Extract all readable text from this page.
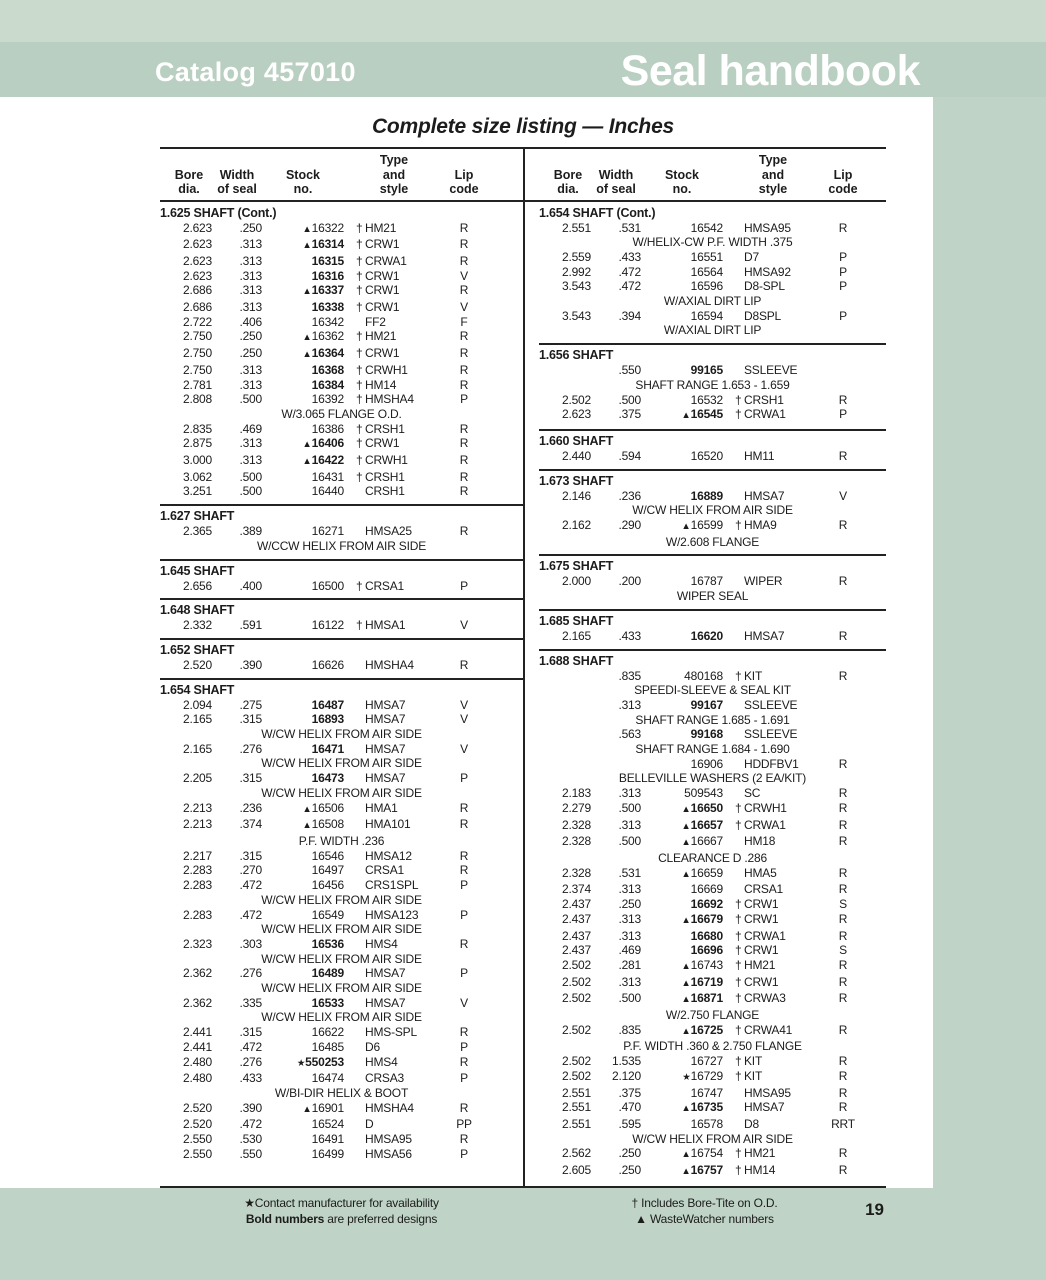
Catalog 457010	Seal handbook
Complete size listing — Inches
Bore
dia.
Width
of seal
Stock
no.
Type
and
style
Lip
code
Bore
dia.
Width
of seal
Stock
no.
Type
and
style
Lip
code
1.625 SHAFT (Cont.)
2.623	.250	▲16322 † HM21	R
2.623	.313	▲16314 † CRW1	R
2.623	.313	16315 † CRWA1	R
2.623	.313	16316 † CRW1	V
2.686	.313	▲16337 † CRW1	R
2.686	.313	16338 † CRW1	V
2.722	.406	16342 FF2	F
2.750	.250	▲16362 † HM21	R
2.750	.250	▲16364 † CRW1	R
2.750	.313	16368 † CRWH1	R
2.781	.313	16384 † HM14	R
2.808	.500	16392 † HMSHA4	P
W/3.065 FLANGE O.D.
2.835	.469	16386 † CRSH1	R
2.875	.313	▲16406 † CRW1	R
3.000	.313	▲16422 † CRWH1	R
3.062	.500	16431 † CRSH1	R
3.251	.500	16440 CRSH1	R
1.627 SHAFT
2.365	.389	16271 HMSA25	R
W/CCW HELIX FROM AIR SIDE
1.645 SHAFT
2.656	.400	16500 † CRSA1	P
1.648 SHAFT
2.332	.591	16122 † HMSA1	V
1.652 SHAFT
2.520	.390	16626 HMSHA4	R
1.654 SHAFT
2.094	.275	16487 HMSA7	V
2.165	.315	16893 HMSA7	V
W/CW HELIX FROM AIR SIDE
2.165	.276	16471 HMSA7	V
W/CW HELIX FROM AIR SIDE
2.205	.315	16473 HMSA7	P
W/CW HELIX FROM AIR SIDE
2.213	.236	▲16506 HMA1	R
2.213	.374	▲16508 HMA101	R
P.F. WIDTH .236
2.217	.315	16546 HMSA12	R
2.283	.270	16497 CRSA1	R
2.283	.472	16456 CRS1SPL	P
W/CW HELIX FROM AIR SIDE
2.283	.472	16549 HMSA123	P
W/CW HELIX FROM AIR SIDE
2.323	.303	16536 HMS4	R
W/CW HELIX FROM AIR SIDE
2.362	.276	16489 HMSA7	P
W/CW HELIX FROM AIR SIDE
2.362	.335	16533 HMSA7	V
W/CW HELIX FROM AIR SIDE
2.441	.315	16622 HMS-SPL	R
2.441	.472	16485 D6	P
2.480	.276	★550253 HMS4	R
2.480	.433	16474 CRSA3	P
W/BI-DIR HELIX & BOOT
2.520	.390	▲16901 HMSHA4	R
2.520	.472	16524 D	PP
2.550	.530	16491 HMSA95	R
2.550	.550	16499 HMSA56	P
1.654 SHAFT (Cont.)
2.551	.531	16542 HMSA95	R
W/HELIX-CW P.F. WIDTH .375
2.559	.433	16551 D7	P
2.992	.472	16564 HMSA92	P
3.543	.472	16596 D8-SPL	P
W/AXIAL DIRT LIP
3.543	.394	16594 D8SPL	P
W/AXIAL DIRT LIP
1.656 SHAFT
.550	99165 SSLEEVE
SHAFT RANGE 1.653 - 1.659
2.502	.500	16532 † CRSH1	R
2.623	.375	▲16545 † CRWA1	P
1.660 SHAFT
2.440	.594	16520 HM11	R
1.673 SHAFT
2.146	.236	16889 HMSA7	V
W/CW HELIX FROM AIR SIDE
2.162	.290	▲16599 † HMA9	R
W/2.608 FLANGE
1.675 SHAFT
2.000	.200	16787 WIPER	R
WIPER SEAL
1.685 SHAFT
2.165	.433	16620 HMSA7	R
1.688 SHAFT
.835	480168 † KIT	R
SPEEDI-SLEEVE & SEAL KIT
.313	99167 SSLEEVE
SHAFT RANGE 1.685 - 1.691
.563	99168 SSLEEVE
SHAFT RANGE 1.684 - 1.690
16906 HDDFBV1	R
BELLEVILLE WASHERS (2 EA/KIT)
2.183	.313	509543 SC	R
2.279	.500	▲16650 † CRWH1	R
2.328	.313	▲16657 † CRWA1	R
2.328	.500	▲16667 HM18	R
CLEARANCE D .286
2.328	.531	▲16659 HMA5	R
2.374	.313	16669 CRSA1	R
2.437	.250	16692 † CRW1	S
2.437	.313	▲16679 † CRW1	R
2.437	.313	16680 † CRWA1	R
2.437	.469	16696 † CRW1	S
2.502	.281	▲16743 † HM21	R
2.502	.313	▲16719 † CRW1	R
2.502	.500	▲16871 † CRWA3	R
W/2.750 FLANGE
2.502	.835	▲16725 † CRWA41	R
P.F. WIDTH .360 & 2.750 FLANGE
2.502	1.535	16727 † KIT	R
2.502	2.120	★16729 † KIT	R
2.551	.375	16747 HMSA95	R
2.551	.470	▲16735 HMSA7	R
2.551	.595	16578 D8	RRT
W/CW HELIX FROM AIR SIDE
2.562	.250	▲16754 † HM21	R
2.605	.250	▲16757 † HM14	R
★Contact manufacturer for availability
Bold numbers are preferred designs
† Includes Bore-Tite on O.D.
▲ WasteWatcher numbers	19
